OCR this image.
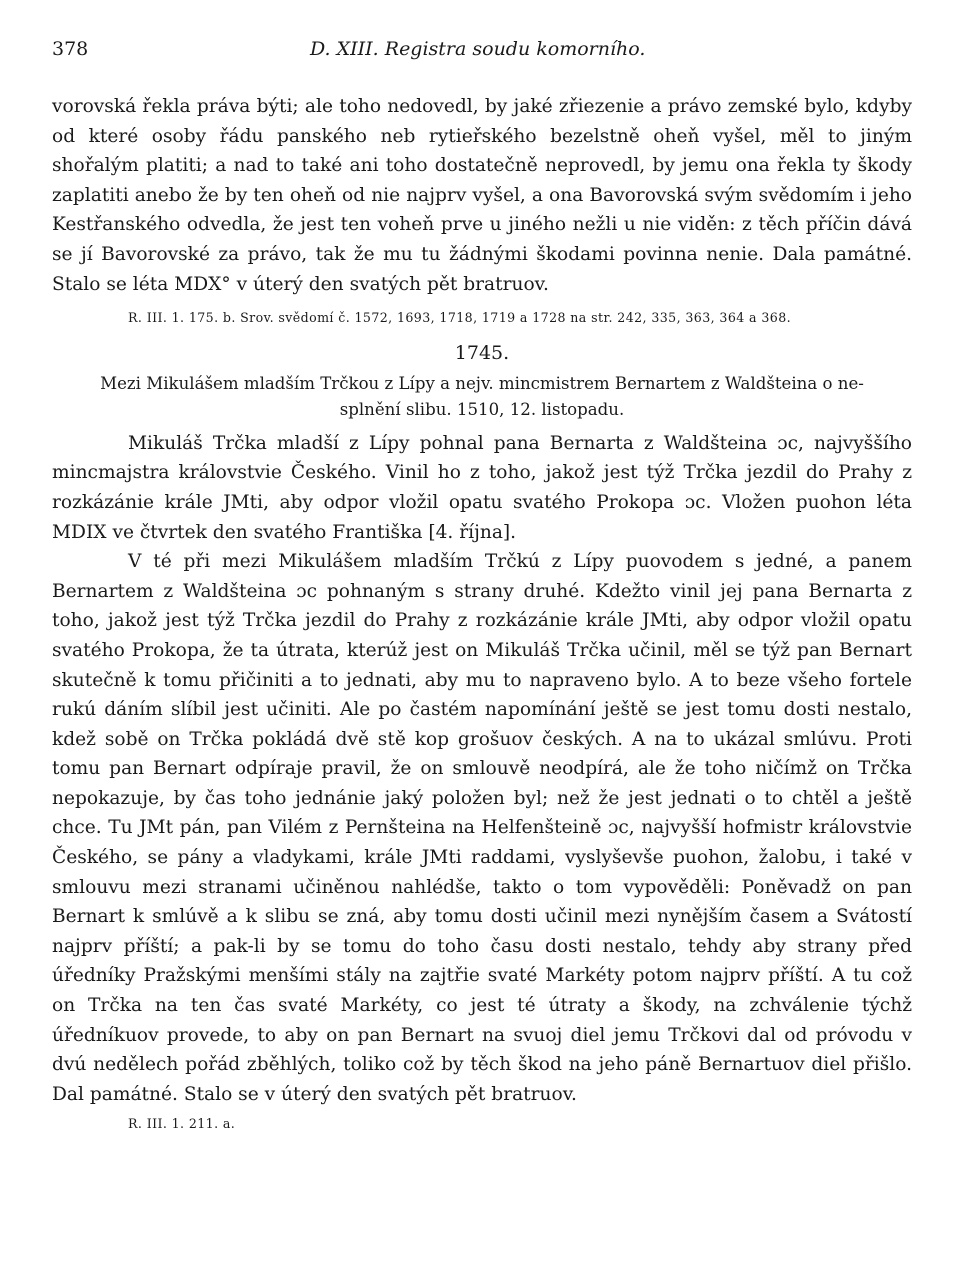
378	D. XIII. Registra soudu komorního.

vorovská řekla práva býti; ale toho nedovedl, by jaké zřiezenie a právo zemské bylo, kdyby od které osoby řádu panského neb rytieřského bezelstně oheň vyšel, měl to jiným shořalým platiti; a nad to také ani toho dostatečně neprovedl, by jemu ona řekla ty škody zaplatiti anebo že by ten oheň od nie najprv vyšel, a ona Bavorovská svým svědomím i jeho Kestřanského odvedla, že jest ten voheň prve u jiného nežli u nie viděn: z těch příčin dává se jí Bavorovské za právo, tak že mu tu žádnými škodami povinna nenie. Dala památné. Stalo se léta MDX° v úterý den svatých pět bratruov.

R. III. 1. 175. b. Srov. svědomí č. 1572, 1693, 1718, 1719 a 1728 na str. 242, 335, 363, 364 a 368.
1745.
Mezi Mikulášem mladším Trčkou z Lípy a nejv. mincmistrem Bernartem z Waldšteina o ne-
splnění slibu. 1510, 12. listopadu.

Mikuláš Trčka mladší z Lípy pohnal pana Bernarta z Waldšteina ɔc, najvyššího mincmajstra královstvie Českého. Vinil ho z toho, jakož jest týž Trčka jezdil do Prahy z rozkázánie krále JMti, aby odpor vložil opatu svatého Prokopa ɔc. Vložen puohon léta MDIX ve čtvrtek den svatého Františka [4. října].

V té při mezi Mikulášem mladším Trčkú z Lípy puovodem s jedné, a panem Bernartem z Waldšteina ɔc pohnaným s strany druhé. Kdežto vinil jej pana Bernarta z toho, jakož jest týž Trčka jezdil do Prahy z rozkázánie krále JMti, aby odpor vložil opatu svatého Prokopa, že ta útrata, kterúž jest on Mikuláš Trčka učinil, měl se týž pan Bernart skutečně k tomu přičiniti a to jednati, aby mu to napraveno bylo. A to beze všeho fortele rukú dáním slíbil jest učiniti. Ale po častém napomínání ještě se jest tomu dosti nestalo, kdež sobě on Trčka pokládá dvě stě kop grošuov českých. A na to ukázal smlúvu. Proti tomu pan Bernart odpíraje pravil, že on smlouvě neodpírá, ale že toho ničímž on Trčka nepokazuje, by čas toho jednánie jaký položen byl; než že jest jednati o to chtěl a ještě chce. Tu JMt pán, pan Vilém z Pernšteina na Helfenšteině ɔc, najvyšší hofmistr královstvie Českého, se pány a vladykami, krále JMti raddami, vyslyševše puohon, žalobu, i také v smlouvu mezi stranami učiněnou nahlédše, takto o tom vypověděli: Poněvadž on pan Bernart k smlúvě a k slibu se zná, aby tomu dosti učinil mezi nynějším časem a Svátostí najprv příští; a pak-li by se tomu do toho času dosti nestalo, tehdy aby strany před úředníky Pražskými menšími stály na zajtřie svaté Markéty potom najprv příští. A tu což on Trčka na ten čas svaté Markéty, co jest té útraty a škody, na zchválenie týchž úředníkuov provede, to aby on pan Bernart na svuoj diel jemu Trčkovi dal od próvodu v dvú nedělech pořád zběhlých, toliko což by těch škod na jeho páně Bernartuov diel přišlo. Dal památné. Stalo se v úterý den svatých pět bratruov.

R. III. 1. 211. a.
